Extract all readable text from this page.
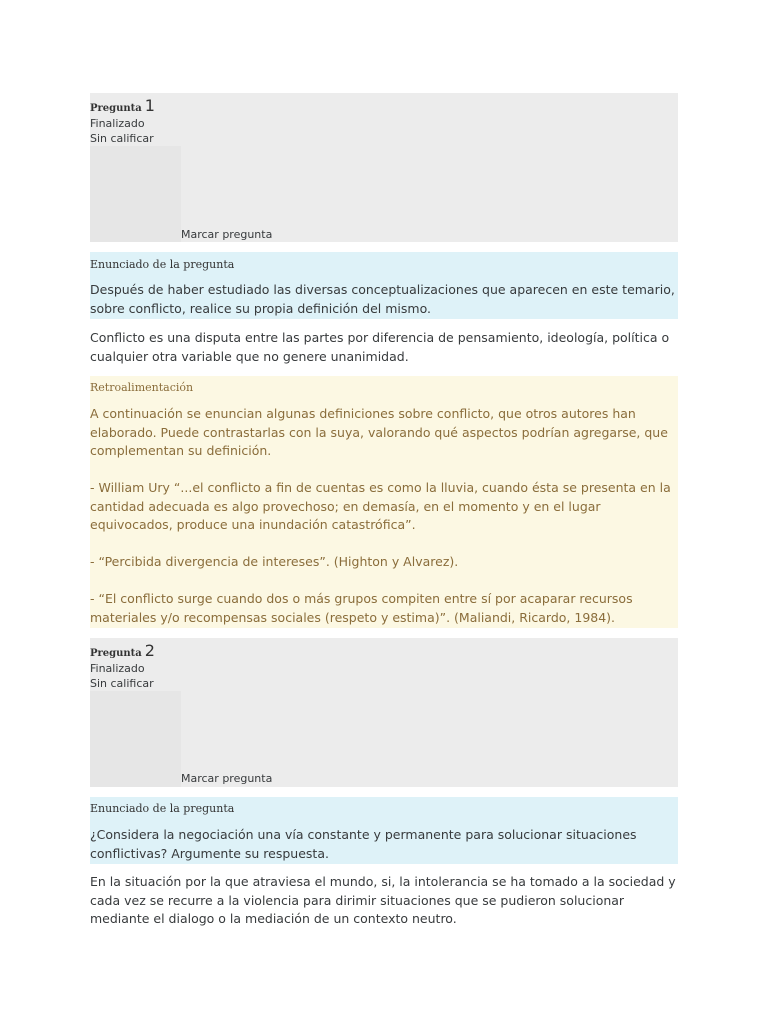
Pregunta 1
Finalizado
Sin calificar
Marcar pregunta
Enunciado de la pregunta

Después de haber estudiado las diversas conceptualizaciones que aparecen en este temario, sobre conflicto, realice su propia definición del mismo.

Conflicto es una disputa entre las partes por diferencia de pensamiento, ideología, política o cualquier otra variable que no genere unanimidad.

Retroalimentación

A continuación se enuncian algunas definiciones sobre conflicto, que otros autores han elaborado. Puede contrastarlas con la suya, valorando qué aspectos podrían agregarse, que complementan su definición.

- William Ury “...el conflicto a fin de cuentas es como la lluvia, cuando ésta se presenta en la cantidad adecuada es algo provechoso; en demasía, en el momento y en el lugar equivocados, produce una inundación catastrófica”.

- “Percibida divergencia de intereses”. (Highton y Alvarez).

- “El conflicto surge cuando dos o más grupos compiten entre sí por acaparar recursos materiales y/o recompensas sociales (respeto y estima)”. (Maliandi, Ricardo, 1984).

Pregunta 2
Finalizado
Sin calificar
Marcar pregunta
Enunciado de la pregunta

¿Considera la negociación una vía constante y permanente para solucionar situaciones conflictivas? Argumente su respuesta.

En la situación por la que atraviesa el mundo, si, la intolerancia se ha tomado a la sociedad y cada vez se recurre a la violencia para dirimir situaciones que se pudieron solucionar mediante el dialogo o la mediación de un contexto neutro.
